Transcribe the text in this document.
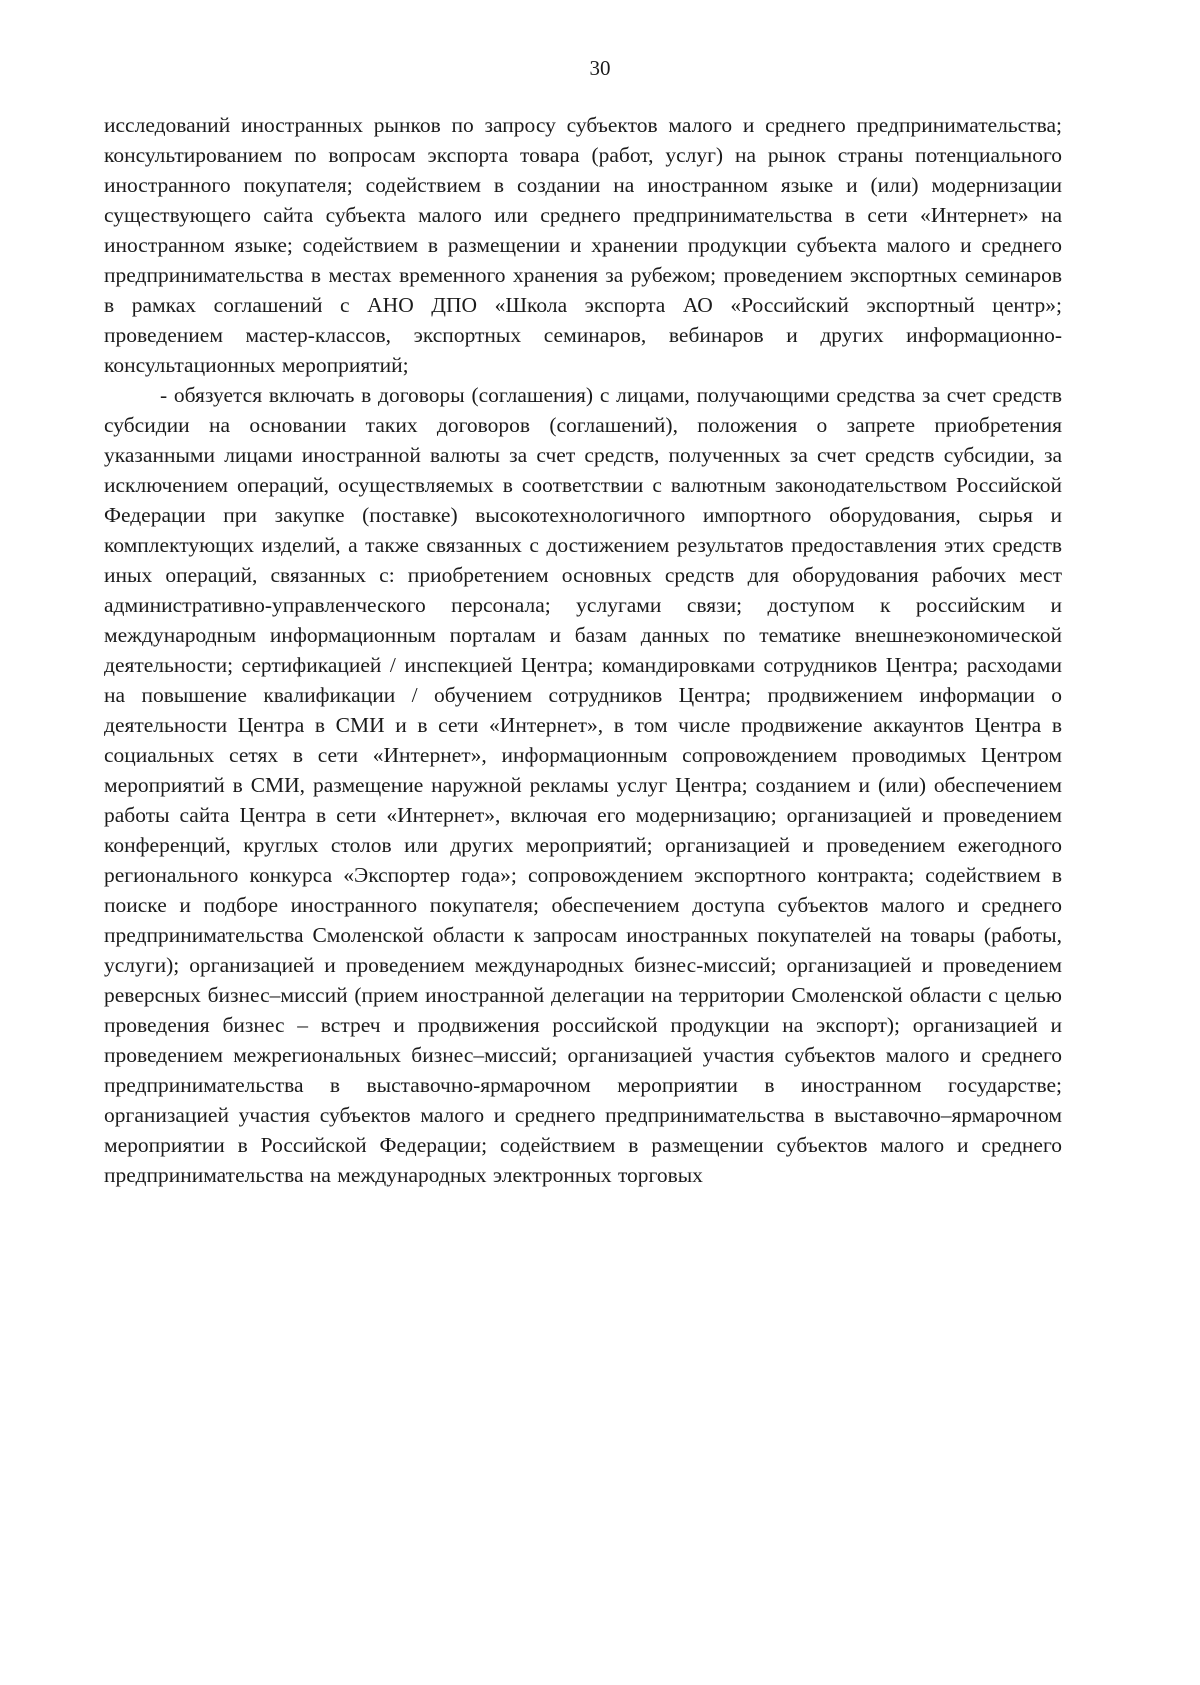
30

исследований иностранных рынков по запросу субъектов малого и среднего предпринимательства; консультированием по вопросам экспорта товара (работ, услуг) на рынок страны потенциального иностранного покупателя; содействием в создании на иностранном языке и (или) модернизации существующего сайта субъекта малого или среднего предпринимательства в сети «Интернет» на иностранном языке; содействием в размещении и хранении продукции субъекта малого и среднего предпринимательства в местах временного хранения за рубежом; проведением экспортных семинаров в рамках соглашений с АНО ДПО «Школа экспорта АО «Российский экспортный центр»; проведением мастер-классов, экспортных семинаров, вебинаров и других информационно-консультационных мероприятий;

- обязуется включать в договоры (соглашения) с лицами, получающими средства за счет средств субсидии на основании таких договоров (соглашений), положения о запрете приобретения указанными лицами иностранной валюты за счет средств, полученных за счет средств субсидии, за исключением операций, осуществляемых в соответствии с валютным законодательством Российской Федерации при закупке (поставке) высокотехнологичного импортного оборудования, сырья и комплектующих изделий, а также связанных с достижением результатов предоставления этих средств иных операций, связанных с: приобретением основных средств для оборудования рабочих мест административно-управленческого персонала; услугами связи; доступом к российским и международным информационным порталам и базам данных по тематике внешнеэкономической деятельности; сертификацией / инспекцией Центра; командировками сотрудников Центра; расходами на повышение квалификации / обучением сотрудников Центра; продвижением информации о деятельности Центра в СМИ и в сети «Интернет», в том числе продвижение аккаунтов Центра в социальных сетях в сети «Интернет», информационным сопровождением проводимых Центром мероприятий в СМИ, размещение наружной рекламы услуг Центра; созданием и (или) обеспечением работы сайта Центра в сети «Интернет», включая его модернизацию; организацией и проведением конференций, круглых столов или других мероприятий; организацией и проведением ежегодного регионального конкурса «Экспортер года»; сопровождением экспортного контракта; содействием в поиске и подборе иностранного покупателя; обеспечением доступа субъектов малого и среднего предпринимательства Смоленской области к запросам иностранных покупателей на товары (работы, услуги); организацией и проведением международных бизнес-миссий; организацией и проведением реверсных бизнес–миссий (прием иностранной делегации на территории Смоленской области с целью проведения бизнес – встреч и продвижения российской продукции на экспорт); организацией и проведением межрегиональных бизнес–миссий; организацией участия субъектов малого и среднего предпринимательства в выставочно-ярмарочном мероприятии в иностранном государстве; организацией участия субъектов малого и среднего предпринимательства в выставочно–ярмарочном мероприятии в Российской Федерации; содействием в размещении субъектов малого и среднего предпринимательства на международных электронных торговых
